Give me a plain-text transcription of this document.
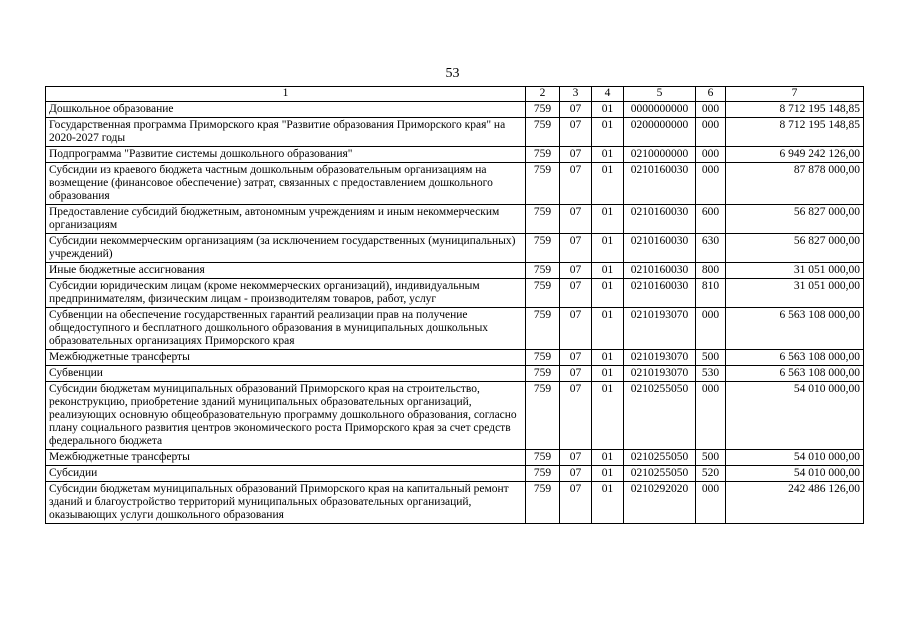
53
1	2	3	4	5	6	7
Дошкольное образование	759	07	01	0000000000	000	8 712 195 148,85
Государственная программа Приморского края "Развитие образования Приморского края" на 2020-2027 годы	759	07	01	0200000000	000	8 712 195 148,85
Подпрограмма "Развитие системы дошкольного образования"	759	07	01	0210000000	000	6 949 242 126,00
Субсидии из краевого бюджета частным дошкольным образовательным организациям на возмещение (финансовое обеспечение) затрат, связанных с предоставлением дошкольного образования	759	07	01	0210160030	000	87 878 000,00
Предоставление субсидий бюджетным, автономным учреждениям и иным некоммерческим организациям	759	07	01	0210160030	600	56 827 000,00
Субсидии некоммерческим организациям (за исключением государственных (муниципальных) учреждений)	759	07	01	0210160030	630	56 827 000,00
Иные бюджетные ассигнования	759	07	01	0210160030	800	31 051 000,00
Субсидии юридическим лицам (кроме некоммерческих организаций), индивидуальным предпринимателям, физическим лицам - производителям товаров, работ, услуг	759	07	01	0210160030	810	31 051 000,00
Субвенции на обеспечение государственных гарантий реализации прав на получение общедоступного и бесплатного дошкольного образования в муниципальных дошкольных образовательных организациях Приморского края	759	07	01	0210193070	000	6 563 108 000,00
Межбюджетные трансферты	759	07	01	0210193070	500	6 563 108 000,00
Субвенции	759	07	01	0210193070	530	6 563 108 000,00
Субсидии бюджетам муниципальных образований Приморского края на строительство, реконструкцию, приобретение зданий муниципальных образовательных организаций, реализующих основную общеобразовательную программу дошкольного образования, согласно плану социального развития центров экономического роста Приморского края за счет средств федерального бюджета	759	07	01	0210255050	000	54 010 000,00
Межбюджетные трансферты	759	07	01	0210255050	500	54 010 000,00
Субсидии	759	07	01	0210255050	520	54 010 000,00
Субсидии бюджетам муниципальных образований Приморского края на капитальный ремонт зданий и благоустройство территорий муниципальных образовательных организаций, оказывающих услуги дошкольного образования	759	07	01	0210292020	000	242 486 126,00
